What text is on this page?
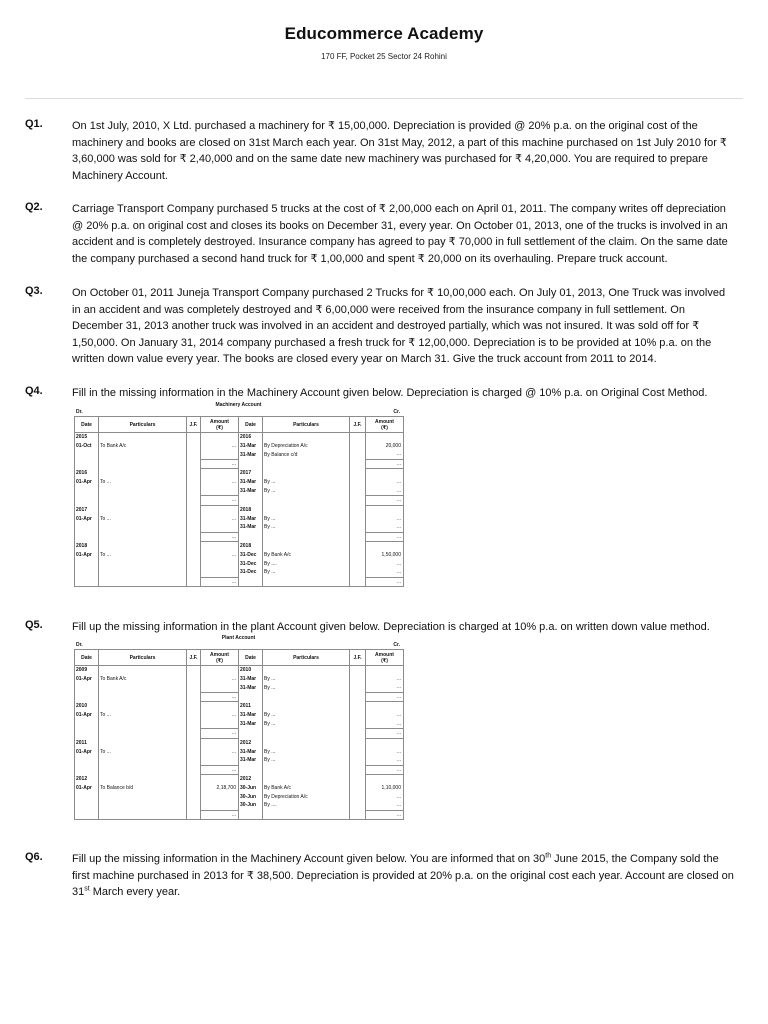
Educommerce Academy
170 FF, Pocket 25 Sector 24 Rohini
Q1.	On 1st July, 2010, X Ltd. purchased a machinery for ₹ 15,00,000. Depreciation is provided @ 20% p.a. on the original cost of the machinery and books are closed on 31st March each year. On 31st May, 2012, a part of this machine purchased on 1st July 2010 for ₹ 3,60,000 was sold for ₹ 2,40,000 and on the same date new machinery was purchased for ₹ 4,20,000. You are required to prepare Machinery Account.
Q2.	Carriage Transport Company purchased 5 trucks at the cost of ₹ 2,00,000 each on April 01, 2011. The company writes off depreciation @ 20% p.a. on original cost and closes its books on December 31, every year. On October 01, 2013, one of the trucks is involved in an accident and is completely destroyed. Insurance company has agreed to pay ₹ 70,000 in full settlement of the claim. On the same date the company purchased a second hand truck for ₹ 1,00,000 and spent ₹ 20,000 on its overhauling. Prepare truck account.
Q3.	On October 01, 2011 Juneja Transport Company purchased 2 Trucks for ₹ 10,00,000 each. On July 01, 2013, One Truck was involved in an accident and was completely destroyed and ₹ 6,00,000 were received from the insurance company in full settlement. On December 31, 2013 another truck was involved in an accident and destroyed partially, which was not insured. It was sold off for ₹ 1,50,000. On January 31, 2014 company purchased a fresh truck for ₹ 12,00,000. Depreciation is to be provided at 10% p.a. on the written down value every year. The books are closed every year on March 31. Give the truck account from 2011 to 2014.
Q4.	Fill in the missing information in the Machinery Account given below. Depreciation is charged @ 10% p.a. on Original Cost Method.
Machinery Account
Dr.	Cr.
Date	Particulars	J.F.	Amount
(₹)	Date	Particulars	J.F.	Amount
(₹)
2015				2016			
01-Oct	To Bank A/c		...	31-Mar	By Depreciation A/c		20,000
				31-Mar	By Balance c/d		...
			...				...
2016				2017			
01-Apr	To ...		...	31-Mar	By ...		...
				31-Mar	By ...		...
			...				...
2017				2018			
01-Apr	To ...		...	31-Mar	By ...		...
				31-Mar	By ...		...
			...				...
2018				2018			
01-Apr	To ...		...	31-Dec	By Bank A/c		1,50,000
				31-Dec	By ....		...
				31-Dec	By ...		...
			...				...
Q5.	Fill up the missing information in the plant Account given below. Depreciation is charged at 10% p.a. on written down value method.
Plant Account
Dr.	Cr.
Date	Particulars	J.F.	Amount
(₹)	Date	Particulars	J.F.	Amount
(₹)
2009				2010			
01-Apr	To Bank A/c		...	31-Mar	By ...		...
				31-Mar	By ...		...
			...				...
2010				2011			
01-Apr	To ...		...	31-Mar	By ...		...
				31-Mar	By ...		...
			...				...
2011				2012			
01-Apr	To ...		...	31-Mar	By ...		...
				31-Mar	By ...		...
			...				...
2012				2012			
01-Apr	To Balance b/d		2,18,700	30-Jun	By Bank A/c		1,10,000
				30-Jun	By Depreciation A/c		...
				30-Jun	By ....		...
			...				...
Q6.	Fill up the missing information in the Machinery Account given below. You are informed that on 30th June 2015, the Company sold the first machine purchased in 2013 for ₹ 38,500. Depreciation is provided at 20% p.a. on the original cost each year. Account are closed on 31st March every year.
